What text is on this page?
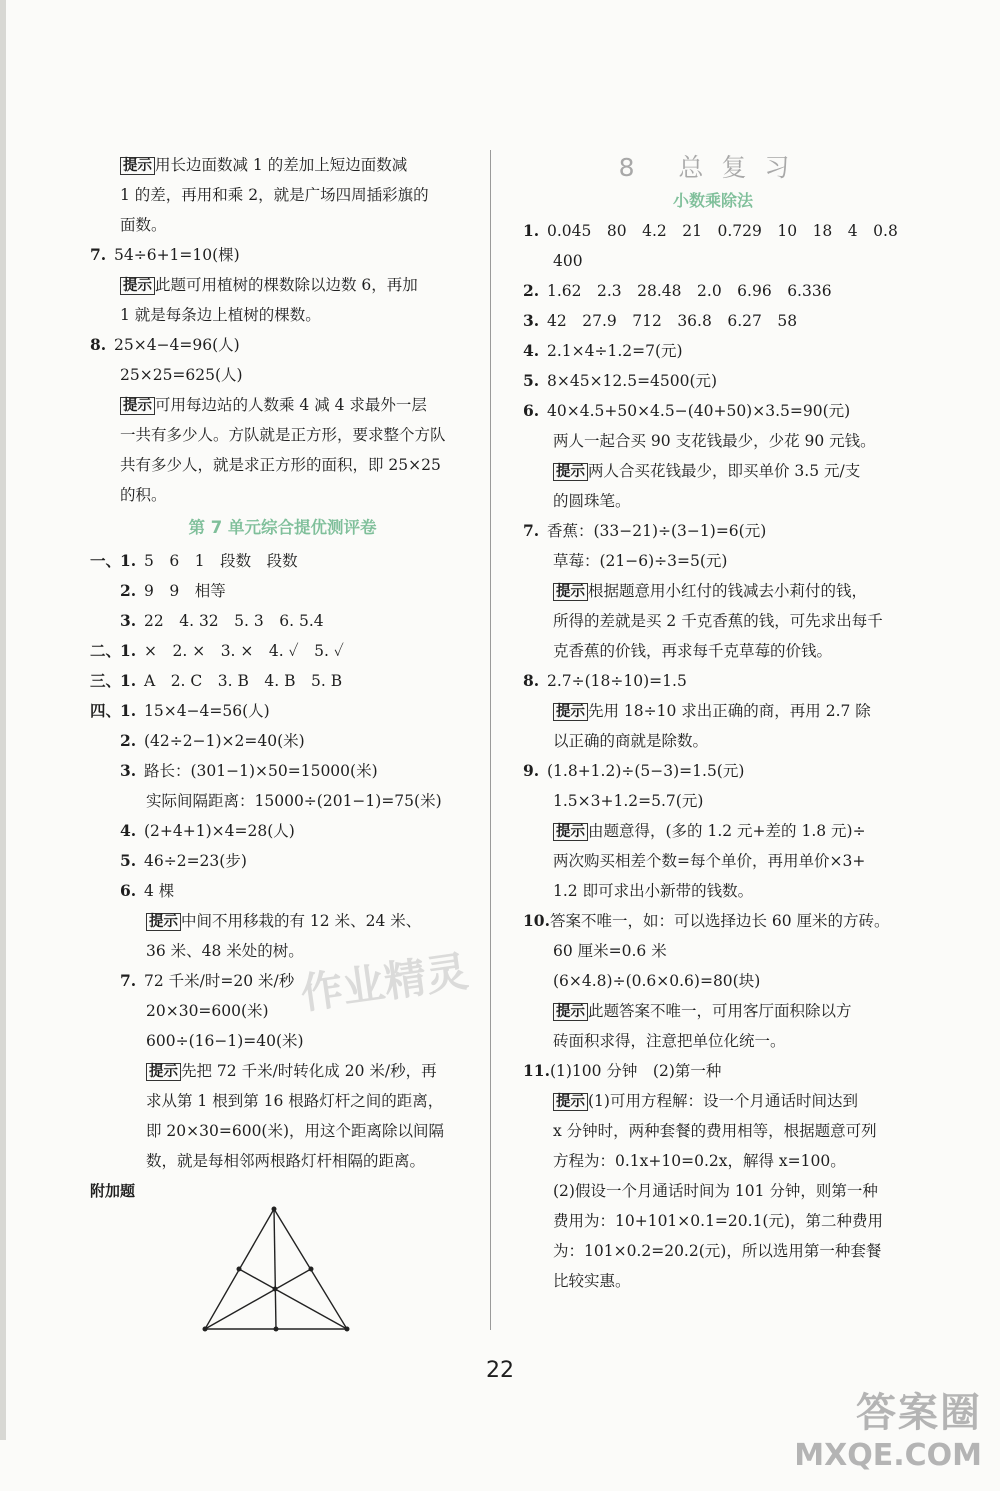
提示 用长边面数减 1 的差加上短边面数减
1 的差，再用和乘 2，就是广场四周插彩旗的
面数。
7. 54÷6+1=10(棵)
提示 此题可用植树的棵数除以边数 6，再加
1 就是每条边上植树的棵数。
8. 25×4−4=96(人)
25×25=625(人)
提示 可用每边站的人数乘 4 减 4 求最外一层
一共有多少人。方队就是正方形，要求整个方队
共有多少人，就是求正方形的面积，即 25×25
的积。
第 7 单元综合提优测评卷
一、1. 5　6　1　段数　段数
2. 9　9　相等
3. 22　4. 32　5. 3　6. 5.4
二、1. ×　2. ×　3. ×　4. ✓　5. ✓
三、1. A　2. C　3. B　4. B　5. B
四、1. 15×4−4=56(人)
2. (42÷2−1)×2=40(米)
3. 路长：(301−1)×50=15000(米)
实际间隔距离：15000÷(201−1)=75(米)
4. (2+4+1)×4=28(人)
5. 46÷2=23(步)
6. 4 棵
提示 中间不用移栽的有 12 米、24 米、
36 米、48 米处的树。
7. 72 千米/时=20 米/秒
20×30=600(米)
600÷(16−1)=40(米)
提示 先把 72 千米/时转化成 20 米/秒，再
求从第 1 根到第 16 根路灯杆之间的距离，
即 20×30=600(米)，用这个距离除以间隔
数，就是每相邻两根路灯杆相隔的距离。
附加题
8 总复习
小数乘除法
1. 0.045　80　4.2　21　0.729　10　18　4　0.8
400
2. 1.62　2.3　28.48　2.0　6.96　6.336
3. 42　27.9　712　36.8　6.27　58
4. 2.1×4÷1.2=7(元)
5. 8×45×12.5=4500(元)
6. 40×4.5+50×4.5−(40+50)×3.5=90(元)
两人一起合买 90 支花钱最少，少花 90 元钱。
提示 两人合买花钱最少，即买单价 3.5 元/支
的圆珠笔。
7. 香蕉：(33−21)÷(3−1)=6(元)
草莓：(21−6)÷3=5(元)
提示 根据题意用小红付的钱减去小莉付的钱，
所得的差就是买 2 千克香蕉的钱，可先求出每千
克香蕉的价钱，再求每千克草莓的价钱。
8. 2.7÷(18÷10)=1.5
提示 先用 18÷10 求出正确的商，再用 2.7 除
以正确的商就是除数。
9. (1.8+1.2)÷(5−3)=1.5(元)
1.5×3+1.2=5.7(元)
提示 由题意得，(多的 1.2 元+差的 1.8 元)÷
两次购买相差个数=每个单价，再用单价×3+
1.2 即可求出小新带的钱数。
10.答案不唯一，如：可以选择边长 60 厘米的方砖。
60 厘米=0.6 米
(6×4.8)÷(0.6×0.6)=80(块)
提示 此题答案不唯一，可用客厅面积除以方
砖面积求得，注意把单位化统一。
11.(1)100 分钟　(2)第一种
提示 (1)可用方程解：设一个月通话时间达到
x 分钟时，两种套餐的费用相等，根据题意可列
方程为：0.1x+10=0.2x，解得 x=100。
(2)假设一个月通话时间为 101 分钟，则第一种
费用为：10+101×0.1=20.1(元)，第二种费用
为：101×0.2=20.2(元)，所以选用第一种套餐
比较实惠。
22
作业精灵
答案圈
MXQE.COM
